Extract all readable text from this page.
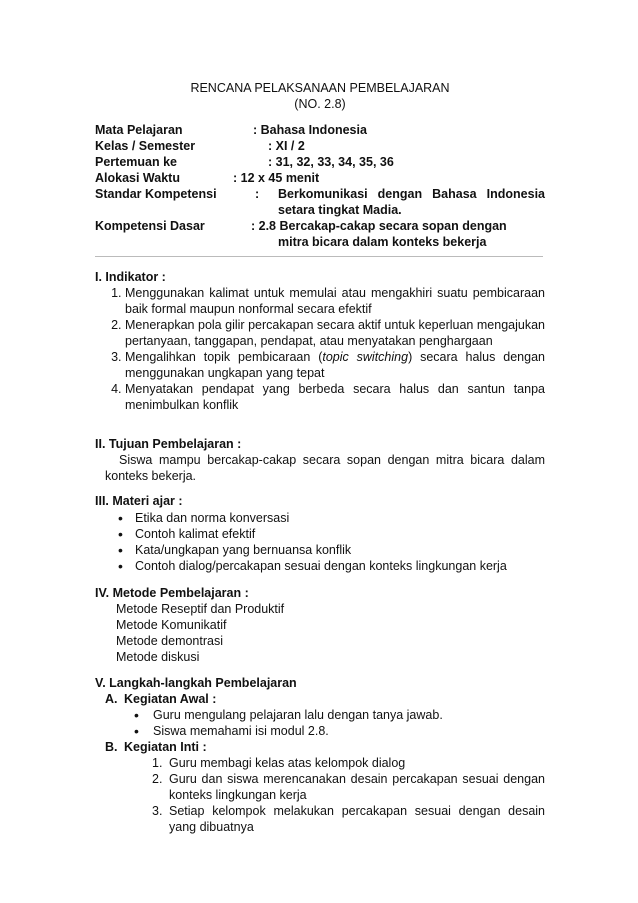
RENCANA PELAKSANAAN PEMBELAJARAN
(NO. 2.8)
Mata Pelajaran	: Bahasa Indonesia
Kelas / Semester	: XI / 2
Pertemuan ke	: 31, 32, 33, 34, 35, 36
Alokasi Waktu	: 12 x 45 menit
Standar Kompetensi	: Berkomunikasi dengan Bahasa Indonesia setara tingkat Madia.
Kompetensi Dasar	: 2.8 Bercakap-cakap secara sopan dengan
mitra bicara dalam konteks bekerja
I. Indikator :
1. Menggunakan kalimat untuk memulai atau mengakhiri suatu pembicaraan baik formal maupun nonformal secara efektif
2. Menerapkan pola gilir percakapan secara aktif untuk keperluan mengajukan pertanyaan, tanggapan, pendapat, atau menyatakan penghargaan
3. Mengalihkan topik pembicaraan (topic switching) secara halus dengan menggunakan ungkapan yang tepat
4. Menyatakan pendapat yang berbeda secara halus dan santun tanpa menimbulkan konflik
II. Tujuan Pembelajaran :
Siswa mampu bercakap-cakap secara sopan dengan mitra bicara dalam konteks bekerja.
III. Materi ajar :
• Etika dan norma konversasi
• Contoh kalimat efektif
• Kata/ungkapan yang bernuansa konflik
• Contoh dialog/percakapan sesuai dengan konteks lingkungan kerja
IV. Metode Pembelajaran :
Metode Reseptif dan Produktif
Metode Komunikatif
Metode demontrasi
Metode diskusi
V. Langkah-langkah Pembelajaran
A. Kegiatan Awal :
• Guru mengulang pelajaran lalu dengan tanya jawab.
• Siswa memahami isi modul 2.8.
B. Kegiatan Inti :
1. Guru membagi kelas atas kelompok dialog
2. Guru dan siswa merencanakan desain percakapan sesuai dengan konteks lingkungan kerja
3. Setiap kelompok melakukan percakapan sesuai dengan desain yang dibuatnya
